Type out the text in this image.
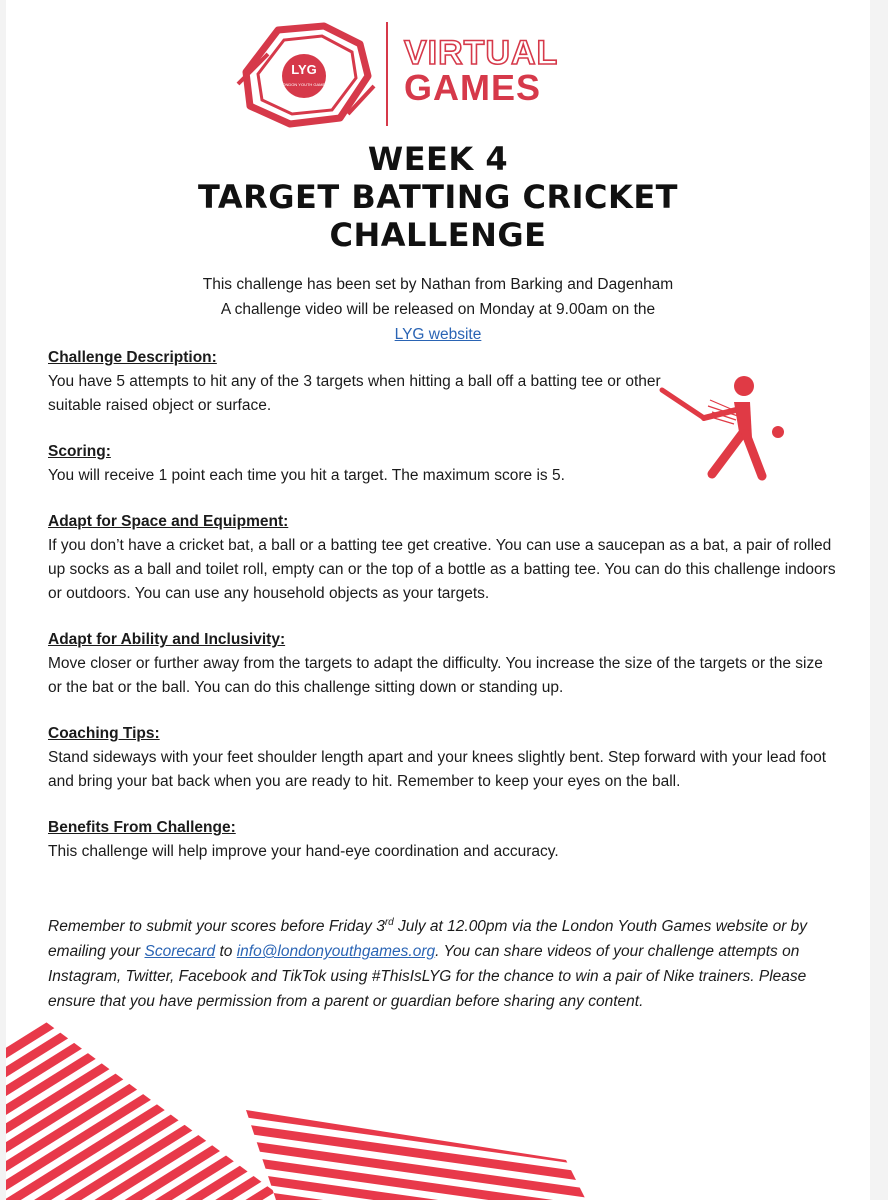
LYG
LONDON YOUTH GAMES
VIRTUAL
GAMES
WEEK 4
TARGET BATTING CRICKET
CHALLENGE
This challenge has been set by Nathan from Barking and Dagenham
A challenge video will be released on Monday at 9.00am on the
LYG website
Challenge Description:

You have 5 attempts to hit any of the 3 targets when hitting a ball off a batting tee or other suitable raised object or surface.

Scoring:

You will receive 1 point each time you hit a target. The maximum score is 5.

Adapt for Space and Equipment:

If you don’t have a cricket bat, a ball or a batting tee get creative. You can use a saucepan as a bat, a pair of rolled up socks as a ball and toilet roll, empty can or the top of a bottle as a batting tee. You can do this challenge indoors or outdoors. You can use any household objects as your targets.

Adapt for Ability and Inclusivity:

Move closer or further away from the targets to adapt the difficulty. You increase the size of the targets or the size or the bat or the ball. You can do this challenge sitting down or standing up.

Coaching Tips:

Stand sideways with your feet shoulder length apart and your knees slightly bent. Step forward with your lead foot and bring your bat back when you are ready to hit. Remember to keep your eyes on the ball.

Benefits From Challenge:

This challenge will help improve your hand-eye coordination and accuracy.

Remember to submit your scores before Friday 3rd July at 12.00pm via the London Youth Games website or by emailing your Scorecard to info@londonyouthgames.org. You can share videos of your challenge attempts on Instagram, Twitter, Facebook and TikTok using #ThisIsLYG for the chance to win a pair of Nike trainers. Please ensure that you have permission from a parent or guardian before sharing any content.
